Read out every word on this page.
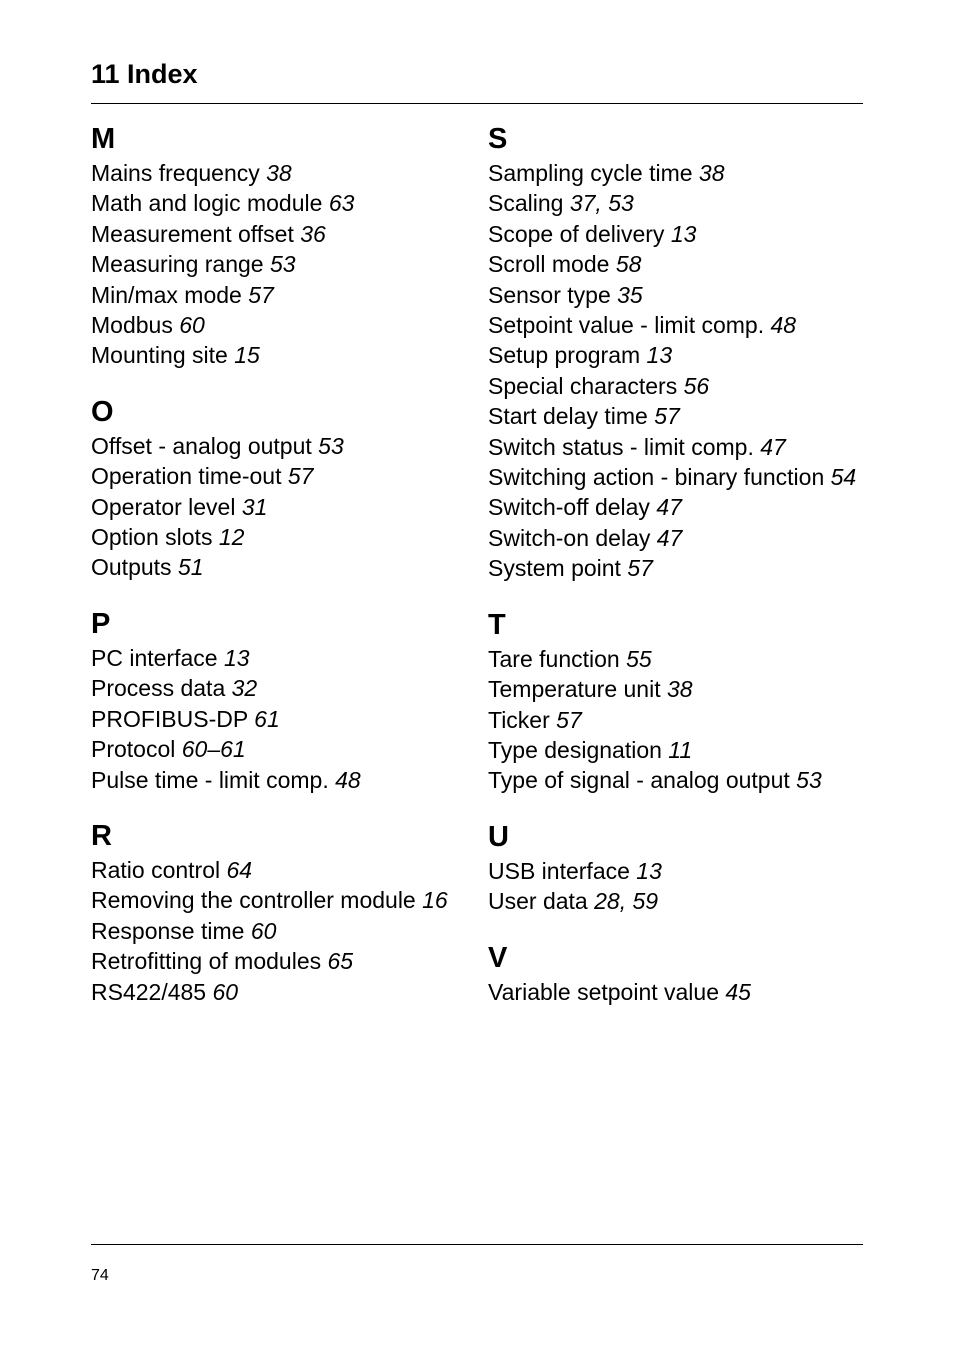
11 Index
M
Mains frequency 38
Math and logic module 63
Measurement offset 36
Measuring range 53
Min/max mode 57
Modbus 60
Mounting site 15
O
Offset - analog output 53
Operation time-out 57
Operator level 31
Option slots 12
Outputs 51
P
PC interface 13
Process data 32
PROFIBUS-DP 61
Protocol 60–61
Pulse time - limit comp. 48
R
Ratio control 64
Removing the controller module 16
Response time 60
Retrofitting of modules 65
RS422/485 60
S
Sampling cycle time 38
Scaling 37, 53
Scope of delivery 13
Scroll mode 58
Sensor type 35
Setpoint value - limit comp. 48
Setup program 13
Special characters 56
Start delay time 57
Switch status - limit comp. 47
Switching action - binary function 54
Switch-off delay 47
Switch-on delay 47
System point 57
T
Tare function 55
Temperature unit 38
Ticker 57
Type designation 11
Type of signal - analog output 53
U
USB interface 13
User data 28, 59
V
Variable setpoint value 45
74
